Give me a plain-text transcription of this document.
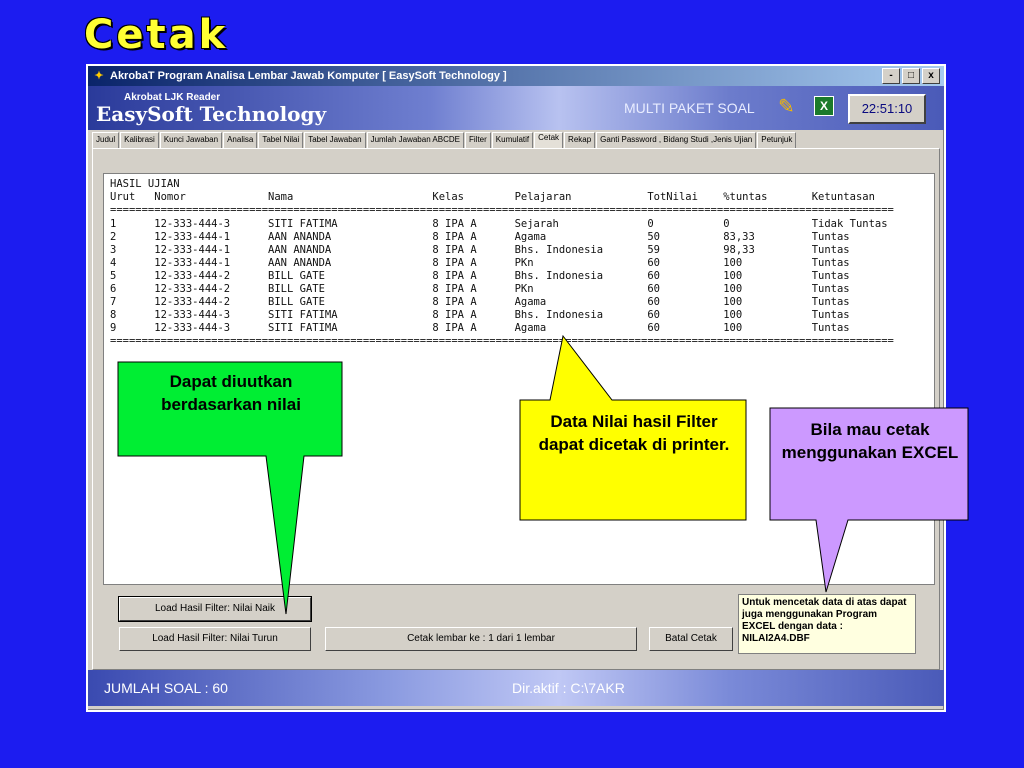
Cetak
✦ AkrobaT Program Analisa Lembar Jawab Komputer [ EasySoft Technology ]	-	□	x
Akrobat LJK Reader
EasySoft Technology	MULTI PAKET SOAL ✎	X	22:51:10
Judul	Kalibrasi	Kunci Jawaban	Analisa	Tabel Nilai	Tabel Jawaban	Jumlah Jawaban ABCDE	Filter	Kumulatif	Cetak	Rekap	Ganti Password , Bidang Studi ,Jenis Ujian	Petunjuk
HASIL UJIAN
Urut   Nomor             Nama                      Kelas        Pelajaran            TotNilai    %tuntas       Ketuntasan
============================================================================================================================
1      12-333-444-3      SITI FATIMA               8 IPA A      Sejarah              0           0             Tidak Tuntas
2      12-333-444-1      AAN ANANDA                8 IPA A      Agama                50          83,33         Tuntas
3      12-333-444-1      AAN ANANDA                8 IPA A      Bhs. Indonesia       59          98,33         Tuntas
4      12-333-444-1      AAN ANANDA                8 IPA A      PKn                  60          100           Tuntas
5      12-333-444-2      BILL GATE                 8 IPA A      Bhs. Indonesia       60          100           Tuntas
6      12-333-444-2      BILL GATE                 8 IPA A      PKn                  60          100           Tuntas
7      12-333-444-2      BILL GATE                 8 IPA A      Agama                60          100           Tuntas
8      12-333-444-3      SITI FATIMA               8 IPA A      Bhs. Indonesia       60          100           Tuntas
9      12-333-444-3      SITI FATIMA               8 IPA A      Agama                60          100           Tuntas
============================================================================================================================
Load Hasil Filter: Nilai Naik
Load Hasil Filter: Nilai Turun	Cetak lembar ke : 1 dari 1 lembar	Batal Cetak
Untuk mencetak data di atas dapat juga menggunakan Program EXCEL dengan data : NILAI2A4.DBF
JUMLAH SOAL : 60	Dir.aktif : C:\7AKR
Dapat diuutkan berdasarkan nilai
Data Nilai hasil Filter dapat dicetak di printer.
Bila mau cetak menggunakan EXCEL
